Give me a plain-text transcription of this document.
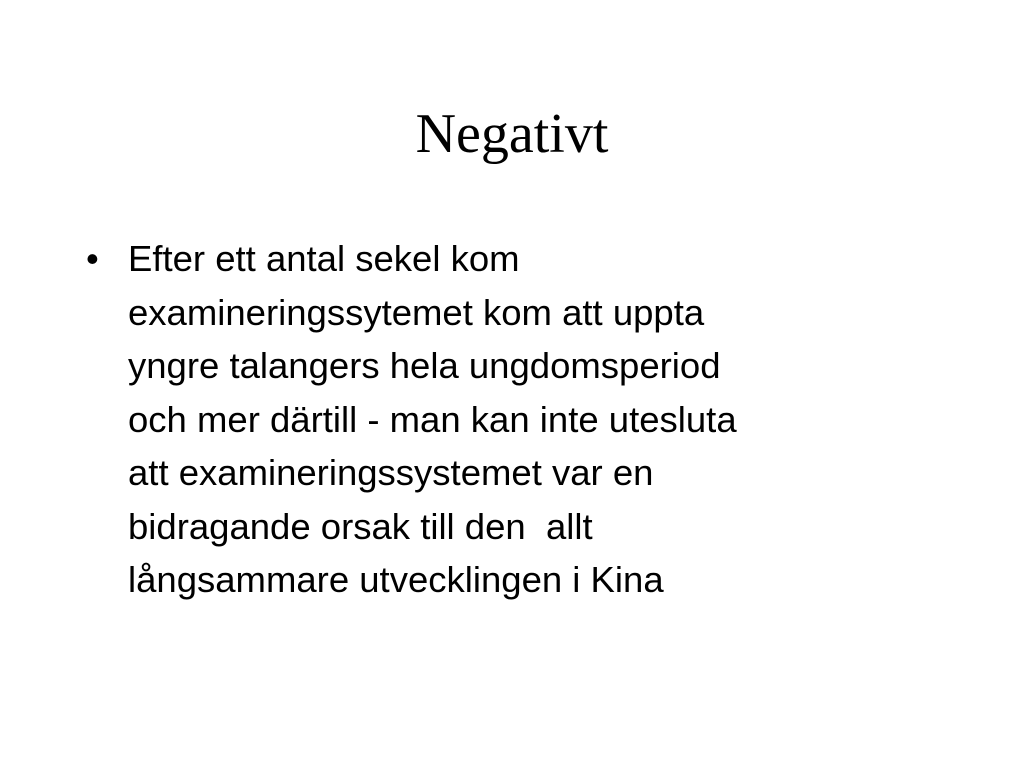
Negativt
• Efter ett antal sekel kom
examineringssytemet kom att uppta
yngre talangers hela ungdomsperiod
och mer därtill - man kan inte utesluta
att examineringssystemet var en
bidragande orsak till den  allt
långsammare utvecklingen i Kina
